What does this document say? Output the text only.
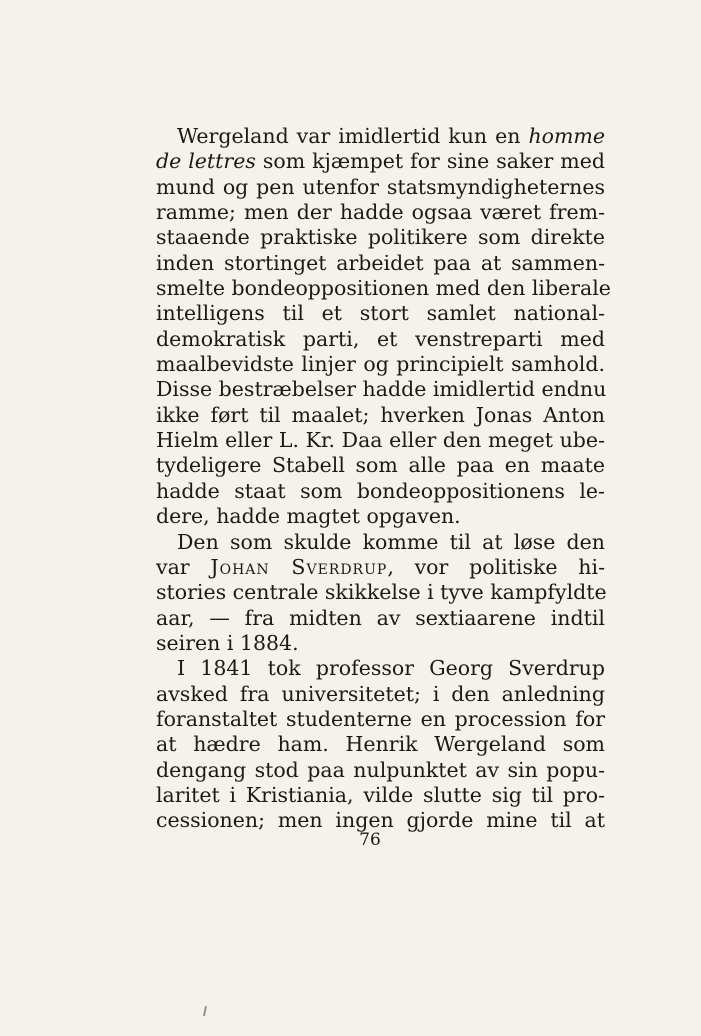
Wergeland var imidlertid kun en homme
de lettres som kjæmpet for sine saker med
mund og pen utenfor statsmyndigheternes
ramme; men der hadde ogsaa været frem-
staaende praktiske politikere som direkte
inden stortinget arbeidet paa at sammen-
smelte bondeoppositionen med den liberale
intelligens til et stort samlet national-
demokratisk parti, et venstreparti med
maalbevidste linjer og principielt samhold.
Disse bestræbelser hadde imidlertid endnu
ikke ført til maalet; hverken Jonas Anton
Hielm eller L. Kr. Daa eller den meget ube-
tydeligere Stabell som alle paa en maate
hadde staat som bondeoppositionens le-
dere, hadde magtet opgaven.
Den som skulde komme til at løse den
var Johan Sverdrup, vor politiske hi-
stories centrale skikkelse i tyve kampfyldte
aar, — fra midten av sextiaarene indtil
seiren i 1884.
I 1841 tok professor Georg Sverdrup
avsked fra universitetet; i den anledning
foranstaltet studenterne en procession for
at hædre ham. Henrik Wergeland som
dengang stod paa nulpunktet av sin popu-
laritet i Kristiania, vilde slutte sig til pro-
cessionen; men ingen gjorde mine til at
76
